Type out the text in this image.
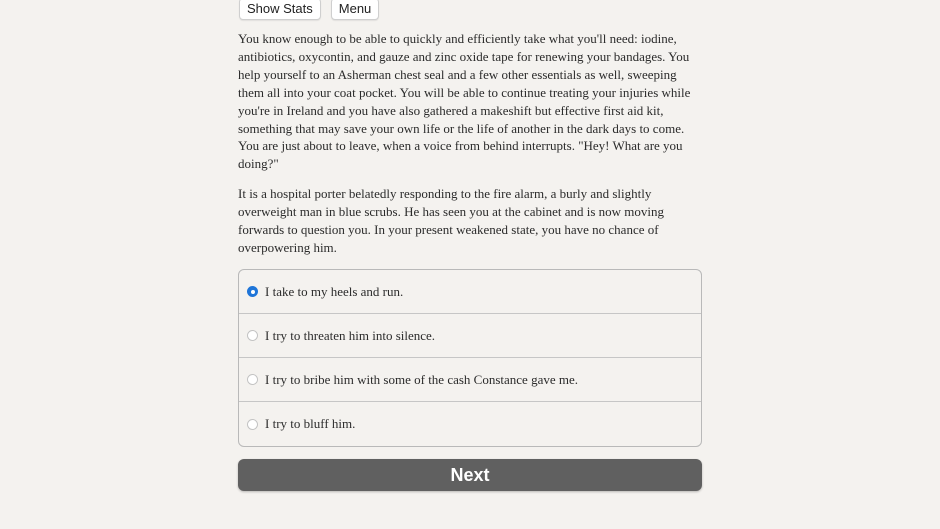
Show Stats	Menu

You know enough to be able to quickly and efficiently take what you'll need: iodine, antibiotics, oxycontin, and gauze and zinc oxide tape for renewing your bandages. You help yourself to an Asherman chest seal and a few other essentials as well, sweeping them all into your coat pocket. You will be able to continue treating your injuries while you're in Ireland and you have also gathered a makeshift but effective first aid kit, something that may save your own life or the life of another in the dark days to come. You are just about to leave, when a voice from behind interrupts. "Hey! What are you doing?"

It is a hospital porter belatedly responding to the fire alarm, a burly and slightly overweight man in blue scrubs. He has seen you at the cabinet and is now moving forwards to question you. In your present weakened state, you have no chance of overpowering him.

I take to my heels and run.
I try to threaten him into silence.
I try to bribe him with some of the cash Constance gave me.
I try to bluff him.
Next
